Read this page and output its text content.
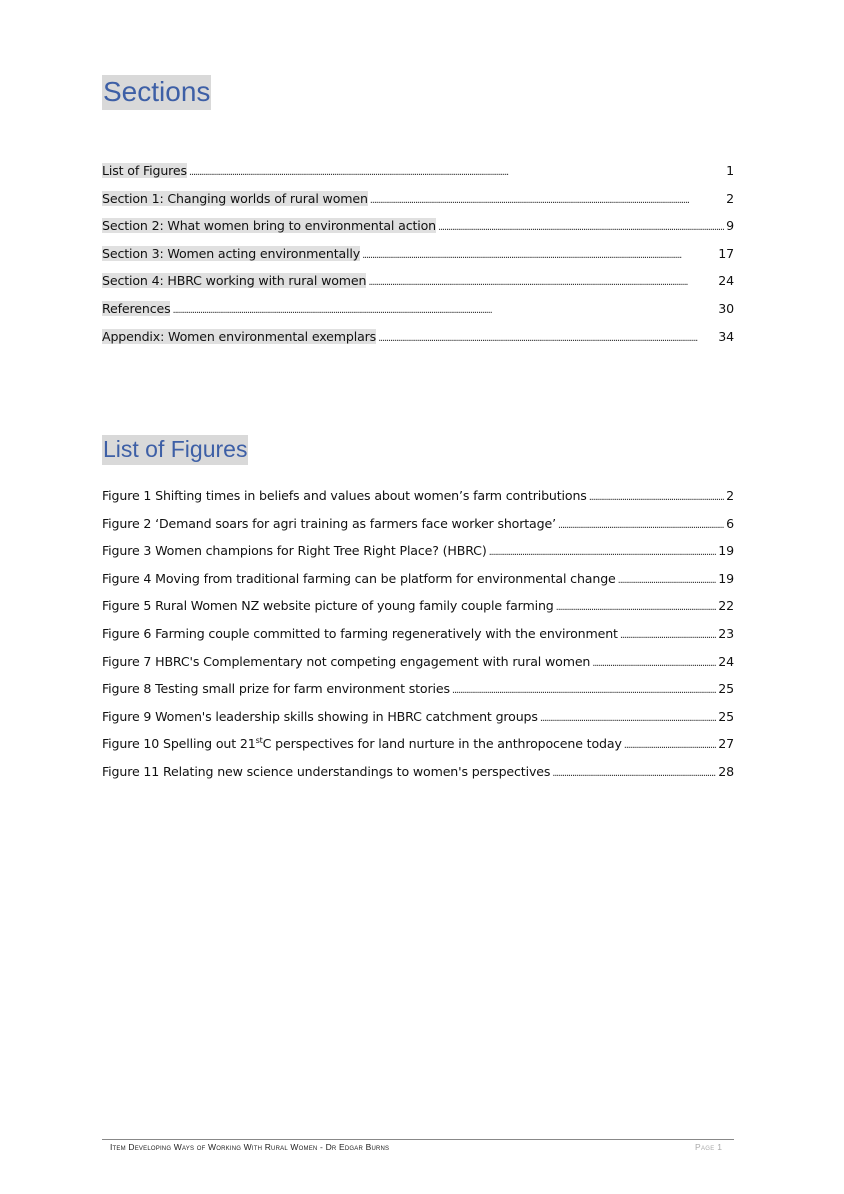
Sections
List of Figures . . .	1
Section 1: Changing worlds of rural women . . .	2
Section 2: What women bring to environmental action . . .	9
Section 3: Women acting environmentally . . .	17
Section 4: HBRC working with rural women . . .	24
References . . .	30
Appendix: Women environmental exemplars . . .	34
List of Figures
Figure 1 Shifting times in beliefs and values about women’s farm contributions . . .	2
Figure 2 ‘Demand soars for agri training as farmers face worker shortage’ . . .	6
Figure 3 Women champions for Right Tree Right Place? (HBRC) . . .	19
Figure 4 Moving from traditional farming can be platform for environmental change . . .	19
Figure 5 Rural Women NZ website picture of young family couple farming . . .	22
Figure 6 Farming couple committed to farming regeneratively with the environment . . .	23
Figure 7 HBRC's Complementary not competing engagement with rural women . . .	24
Figure 8 Testing small prize for farm environment stories . . .	25
Figure 9 Women's leadership skills showing in HBRC catchment groups . . .	25
Figure 10 Spelling out 21stC perspectives for land nurture in the anthropocene today . . .	27
Figure 11 Relating new science understandings to women's perspectives . . .	28
Item Developing Ways of Working With Rural Women - Dr Edgar Burns	Page 1
